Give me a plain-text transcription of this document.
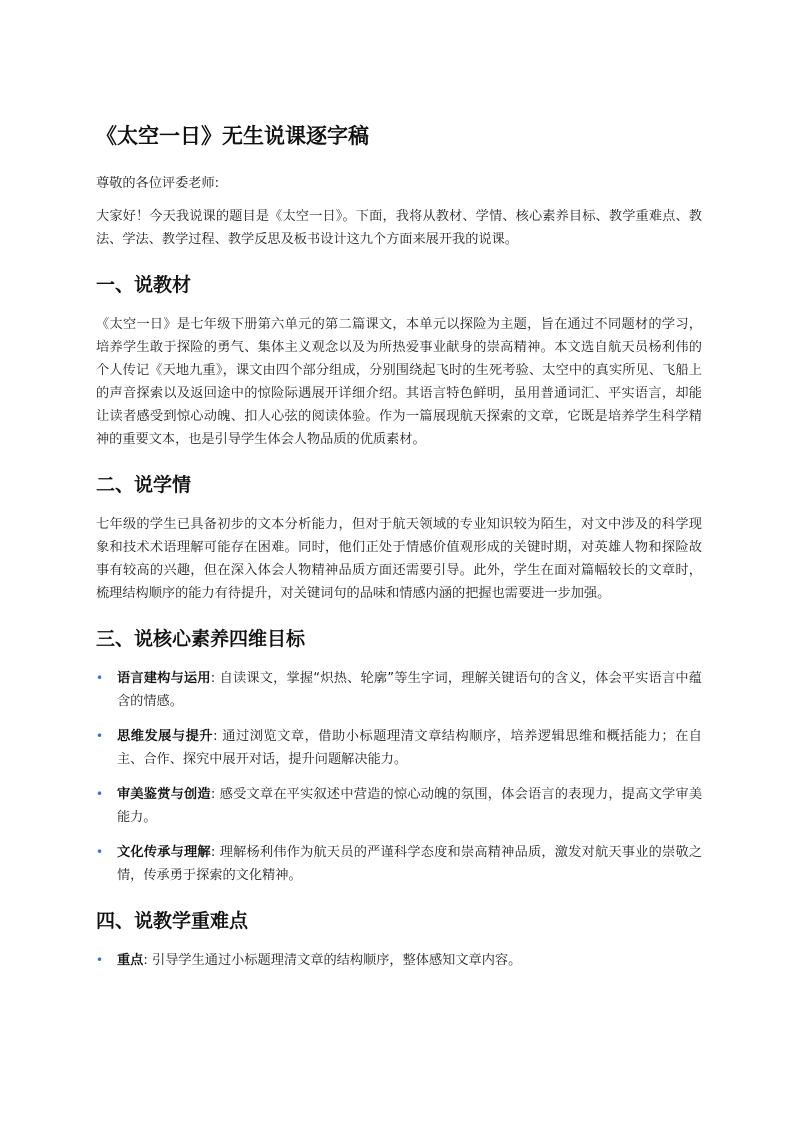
《太空一日》无生说课逐字稿

尊敬的各位评委老师:

大家好！今天我说课的题目是《太空一日》。下面，我将从教材、学情、核心素养目标、教学重难点、教法、学法、教学过程、教学反思及板书设计这九个方面来展开我的说课。

一、说教材

《太空一日》是七年级下册第六单元的第二篇课文，本单元以探险为主题，旨在通过不同题材的学习，培养学生敢于探险的勇气、集体主义观念以及为所热爱事业献身的崇高精神。本文选自航天员杨利伟的个人传记《天地九重》，课文由四个部分组成，分别围绕起飞时的生死考验、太空中的真实所见、飞船上的声音探索以及返回途中的惊险际遇展开详细介绍。其语言特色鲜明，虽用普通词汇、平实语言，却能让读者感受到惊心动魄、扣人心弦的阅读体验。作为一篇展现航天探索的文章，它既是培养学生科学精神的重要文本，也是引导学生体会人物品质的优质素材。

二、说学情

七年级的学生已具备初步的文本分析能力，但对于航天领域的专业知识较为陌生，对文中涉及的科学现象和技术术语理解可能存在困难。同时，他们正处于情感价值观形成的关键时期，对英雄人物和探险故事有较高的兴趣，但在深入体会人物精神品质方面还需要引导。此外，学生在面对篇幅较长的文章时，梳理结构顺序的能力有待提升，对关键词句的品味和情感内涵的把握也需要进一步加强。

三、说核心素养四维目标
• 语言建构与运用: 自读课文，掌握“炽热、轮廓”等生字词，理解关键语句的含义，体会平实语言中蕴含的情感。
• 思维发展与提升: 通过浏览文章，借助小标题理清文章结构顺序，培养逻辑思维和概括能力；在自主、合作、探究中展开对话，提升问题解决能力。
• 审美鉴赏与创造: 感受文章在平实叙述中营造的惊心动魄的氛围，体会语言的表现力，提高文学审美能力。
• 文化传承与理解: 理解杨利伟作为航天员的严谨科学态度和崇高精神品质，激发对航天事业的崇敬之情，传承勇于探索的文化精神。
四、说教学重难点
• 重点: 引导学生通过小标题理清文章的结构顺序，整体感知文章内容。
